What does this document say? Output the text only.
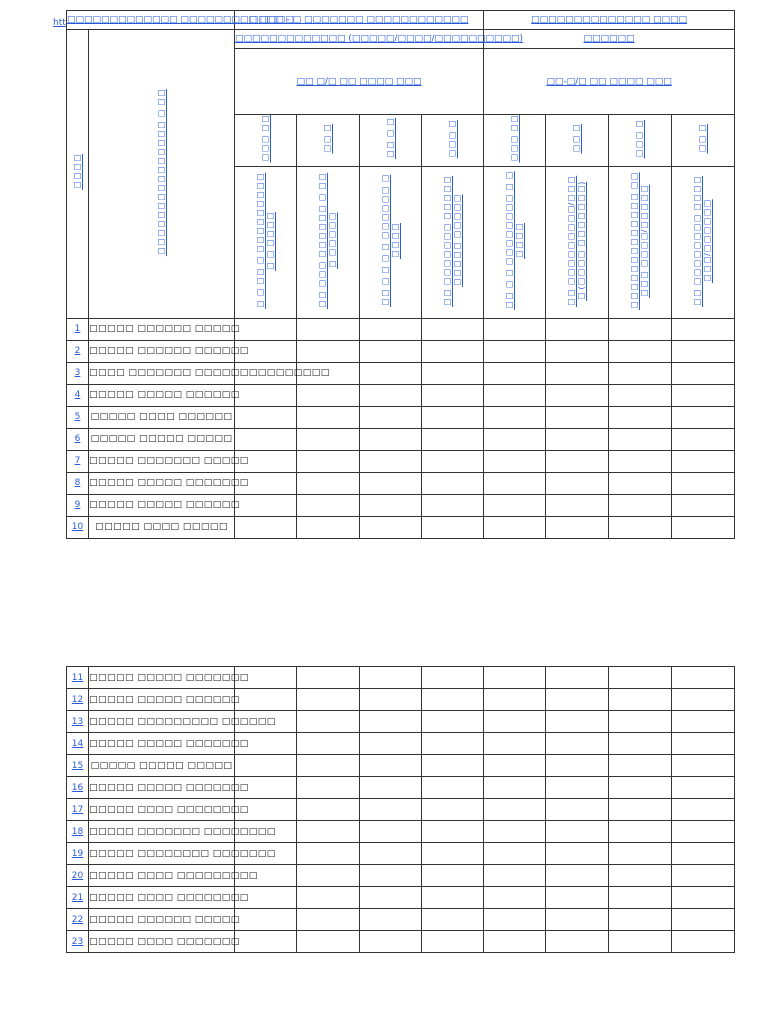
htt □□□□□□□□□□□□□ □□□□□□□□□ □□□□		□□□□ - □ □□□□□□□ □□□□□□□□□□□□				□□□□□□□□□□□□□□ □□□□			
□□□□	□□□□□□□□□□□□□□□ □ □□	□□□□□□□□□□□□□ (□□□□□/□□□□/□□□□□□□□□□)				□□□□□□			
		□□ □/□ □□ □□□□ □□□				□□-□/□ □□ □□□□ □□□			
		□□□ □□	□□ □	□□ □ □	□□□ □	□□□ □□	□□ □	□□□ □	□□ □
		□ □ □□ □ □□□□□□□□□□ □ □□□□	□□ □□□ □□□□□□ □ □□□ □□□□□	□□ □ □ □ □ □□□□□□ □□□□□	□□ □□□□□□□ □□□□□□□□□□ □□□□□	□□ □ □ □□□□□□□□ □ □□□□□	□□ □□□□□□□□□/□□□□ (□□□□ □□□□□□□)	□□□□□□□□□□□□□ □□□□□ □□□□/□□□□□	□□ □□□□□□□□ □□□□□□□/□□□□□□
1	□□□□□ □□□□□□ □□□□□								
2	□□□□□ □□□□□□ □□□□□□								
3	□□□□ □□□□□□□ □□□□□□□□□□□□□□□								
4	□□□□□ □□□□□ □□□□□□								
5	□□□□□ □□□□ □□□□□□								
6	□□□□□ □□□□□ □□□□□								
7	□□□□□ □□□□□□□ □□□□□								
8	□□□□□ □□□□□ □□□□□□□								
9	□□□□□ □□□□□ □□□□□□								
10	□□□□□ □□□□ □□□□□								
11	□□□□□ □□□□□ □□□□□□□								
12	□□□□□ □□□□□ □□□□□□								
13	□□□□□ □□□□□□□□□ □□□□□□								
14	□□□□□ □□□□□ □□□□□□□								
15	□□□□□ □□□□□ □□□□□								
16	□□□□□ □□□□□ □□□□□□□								
17	□□□□□ □□□□ □□□□□□□□								
18	□□□□□ □□□□□□□ □□□□□□□□								
19	□□□□□ □□□□□□□□ □□□□□□□								
20	□□□□□ □□□□ □□□□□□□□□								
21	□□□□□ □□□□ □□□□□□□□								
22	□□□□□ □□□□□□ □□□□□								
23	□□□□□ □□□□ □□□□□□□								
